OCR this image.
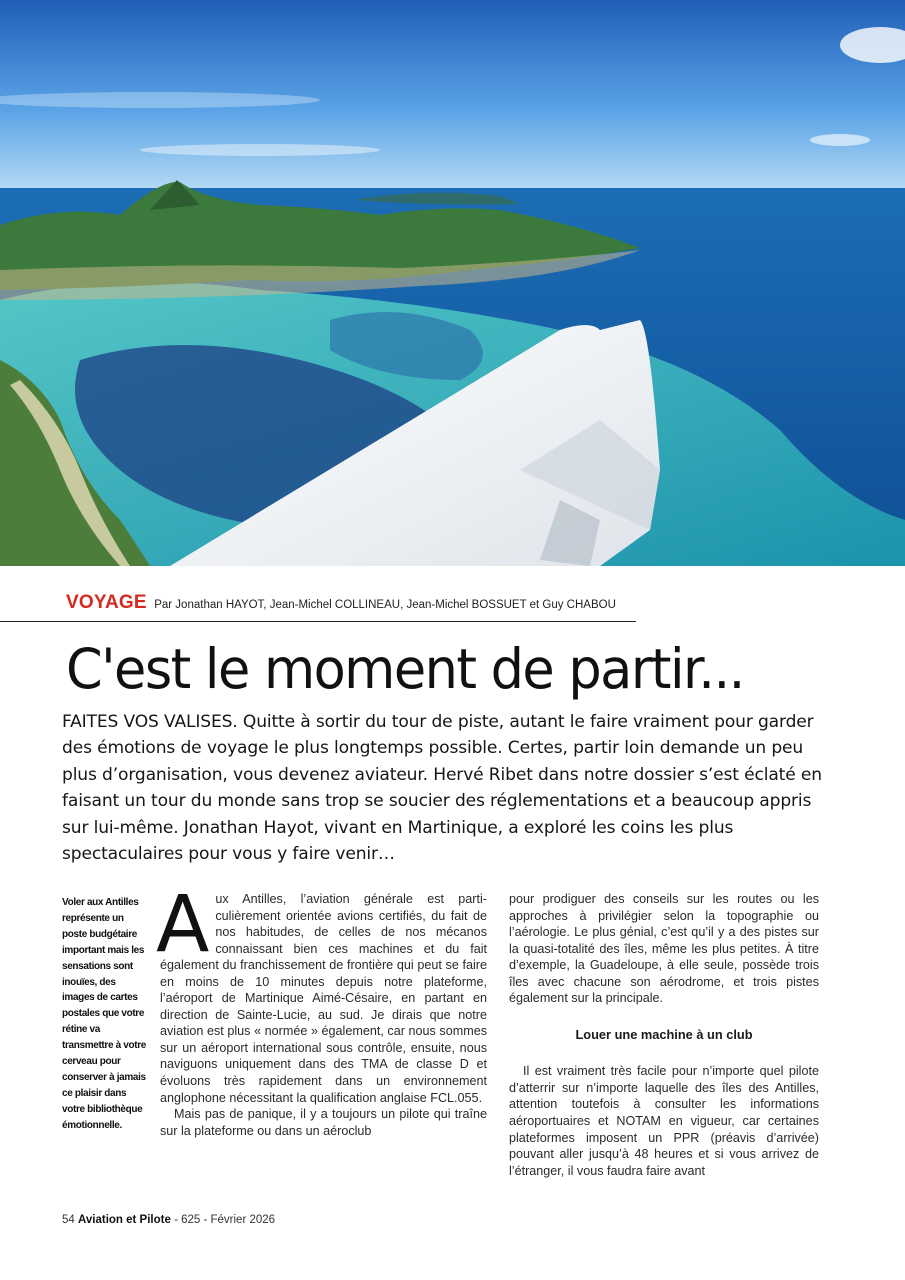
VOYAGE Par Jonathan HAYOT, Jean-Michel COLLINEAU, Jean-Michel BOSSUET et Guy CHABOU
C'est le moment de partir...

FAITES VOS VALISES. Quitte à sortir du tour de piste, autant le faire vraiment pour garder des émotions de voyage le plus longtemps possible. Certes, partir loin demande un peu plus d’organisation, vous devenez aviateur. Hervé Ribet dans notre dossier s’est éclaté en faisant un tour du monde sans trop se soucier des réglementations et a beaucoup appris sur lui-même. Jonathan Hayot, vivant en Martinique, a exploré les coins les plus spectaculaires pour vous y faire venir…

Voler aux Antilles représente un poste budgétaire important mais les sensations sont inouïes, des images de cartes postales que votre rétine va transmettre à votre cerveau pour conserver à jamais ce plaisir dans votre bibliothèque émotionnelle.

Aux Antilles, l’aviation générale est particulièrement orientée avions certifiés, du fait de nos habitudes, de celles de nos mécanos connaissant bien ces machines et du fait également du franchissement de frontière qui peut se faire en moins de 10 minutes depuis notre plateforme, l’aéroport de Martinique Aimé-Césaire, en partant en direction de Sainte-Lucie, au sud. Je dirais que notre aviation est plus « normée » également, car nous sommes sur un aéroport international sous contrôle, ensuite, nous naviguons uniquement dans des TMA de classe D et évoluons très rapidement dans un environnement anglophone nécessitant la qualification anglaise FCL.055.

Mais pas de panique, il y a toujours un pilote qui traîne sur la plateforme ou dans un aéroclub

pour prodiguer des conseils sur les routes ou les approches à privilégier selon la topographie ou l’aérologie. Le plus génial, c’est qu’il y a des pistes sur la quasi-totalité des îles, même les plus petites. À titre d’exemple, la Guadeloupe, à elle seule, possède trois îles avec chacune son aérodrome, et trois pistes également sur la principale.

Louer une machine à un club

Il est vraiment très facile pour n’importe quel pilote d’atterrir sur n’importe laquelle des îles des Antilles, attention toutefois à consulter les informations aéroportuaires et NOTAM en vigueur, car certaines plateformes imposent un PPR (préavis d’arrivée) pouvant aller jusqu’à 48 heures et si vous arrivez de l’étranger, il vous faudra faire avant

54 Aviation et Pilote - 625 - Février 2026
